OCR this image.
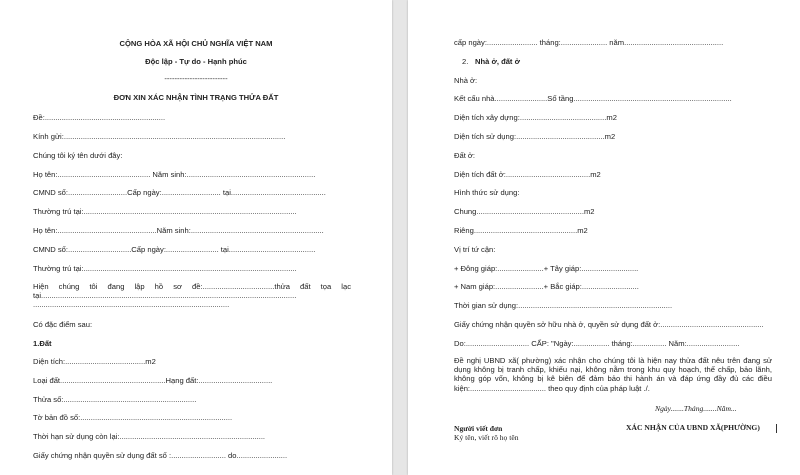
CỘNG HÒA XÃ HỘI CHỦ NGHĨA VIỆT NAM
Độc lập - Tự do - Hạnh phúc
-------------------------
ĐƠN XIN XÁC NHẬN TÌNH TRẠNG THỬA ĐẤT
Đề:.........................................................
Kính gửi:.........................................................................................................
Chúng tôi ký tên dưới đây:
Họ tên:............................................ Năm sinh:.............................................................
CMND số:............................Cấp ngày:............................ tại.............................................
Thường trú tại:.....................................................................................................
Họ tên:...............................................Năm sinh:...............................................................
CMND số:..............................Cấp ngày:......................... tại.........................................
Thường trú tại:.....................................................................................................
Hiện chúng tôi đang lập hồ sơ đề:..................................thửa đất tọa lạc
tại.........................................................................................................................
.............................................................................................
Có đặc điểm sau:
1.Đất
Diện tích:......................................m2
Loại đất..................................................Hạng đất:...................................
Thửa số:...............................................................
Tờ bản đồ số:........................................................................
Thời hạn sử dụng còn lại:.....................................................................
Giấy chứng nhận quyền sử dụng đất số :.......................... do........................
cấp ngày:........................ tháng:...................... năm...............................................
2. Nhà ở, đất ở
Nhà ở:
Kết cấu nhà.........................Số tầng...........................................................................
Diện tích xây dựng:.........................................m2
Diện tích sử dụng:..........................................m2
Đất ở:
Diện tích đất ở:........................................m2
Hình thức sử dụng:
Chung...................................................m2
Riêng.................................................m2
Vị trí tứ cận:
+ Đông giáp:......................+ Tây giáp:...........................
+ Nam giáp:.......................+ Bắc giáp:...........................
Thời gian sử dụng:.........................................................................
Giấy chứng nhận quyền sở hữu nhà ở, quyền sử dụng đất ở:.................................................
Do:.............................. CẤP: "Ngày:................. tháng:................ Năm:.........................
Đề nghị UBND xã( phường) xác nhận cho chúng tôi là hiện nay thửa đất nêu trên đang sử dụng không bị tranh chấp, khiếu nại, không nằm trong khu quy hoạch, thế chấp, bảo lãnh, không góp vốn, không bị kê biên để đảm bảo thi hành án và đáp ứng đầy đủ các điều kiện:.................................... theo quy định của pháp luật ./.
Ngày.......Tháng.......Năm...
Người viết đơn
Ký tên, viết rõ họ tên
XÁC NHẬN CỦA UBND XÃ(PHƯỜNG)
